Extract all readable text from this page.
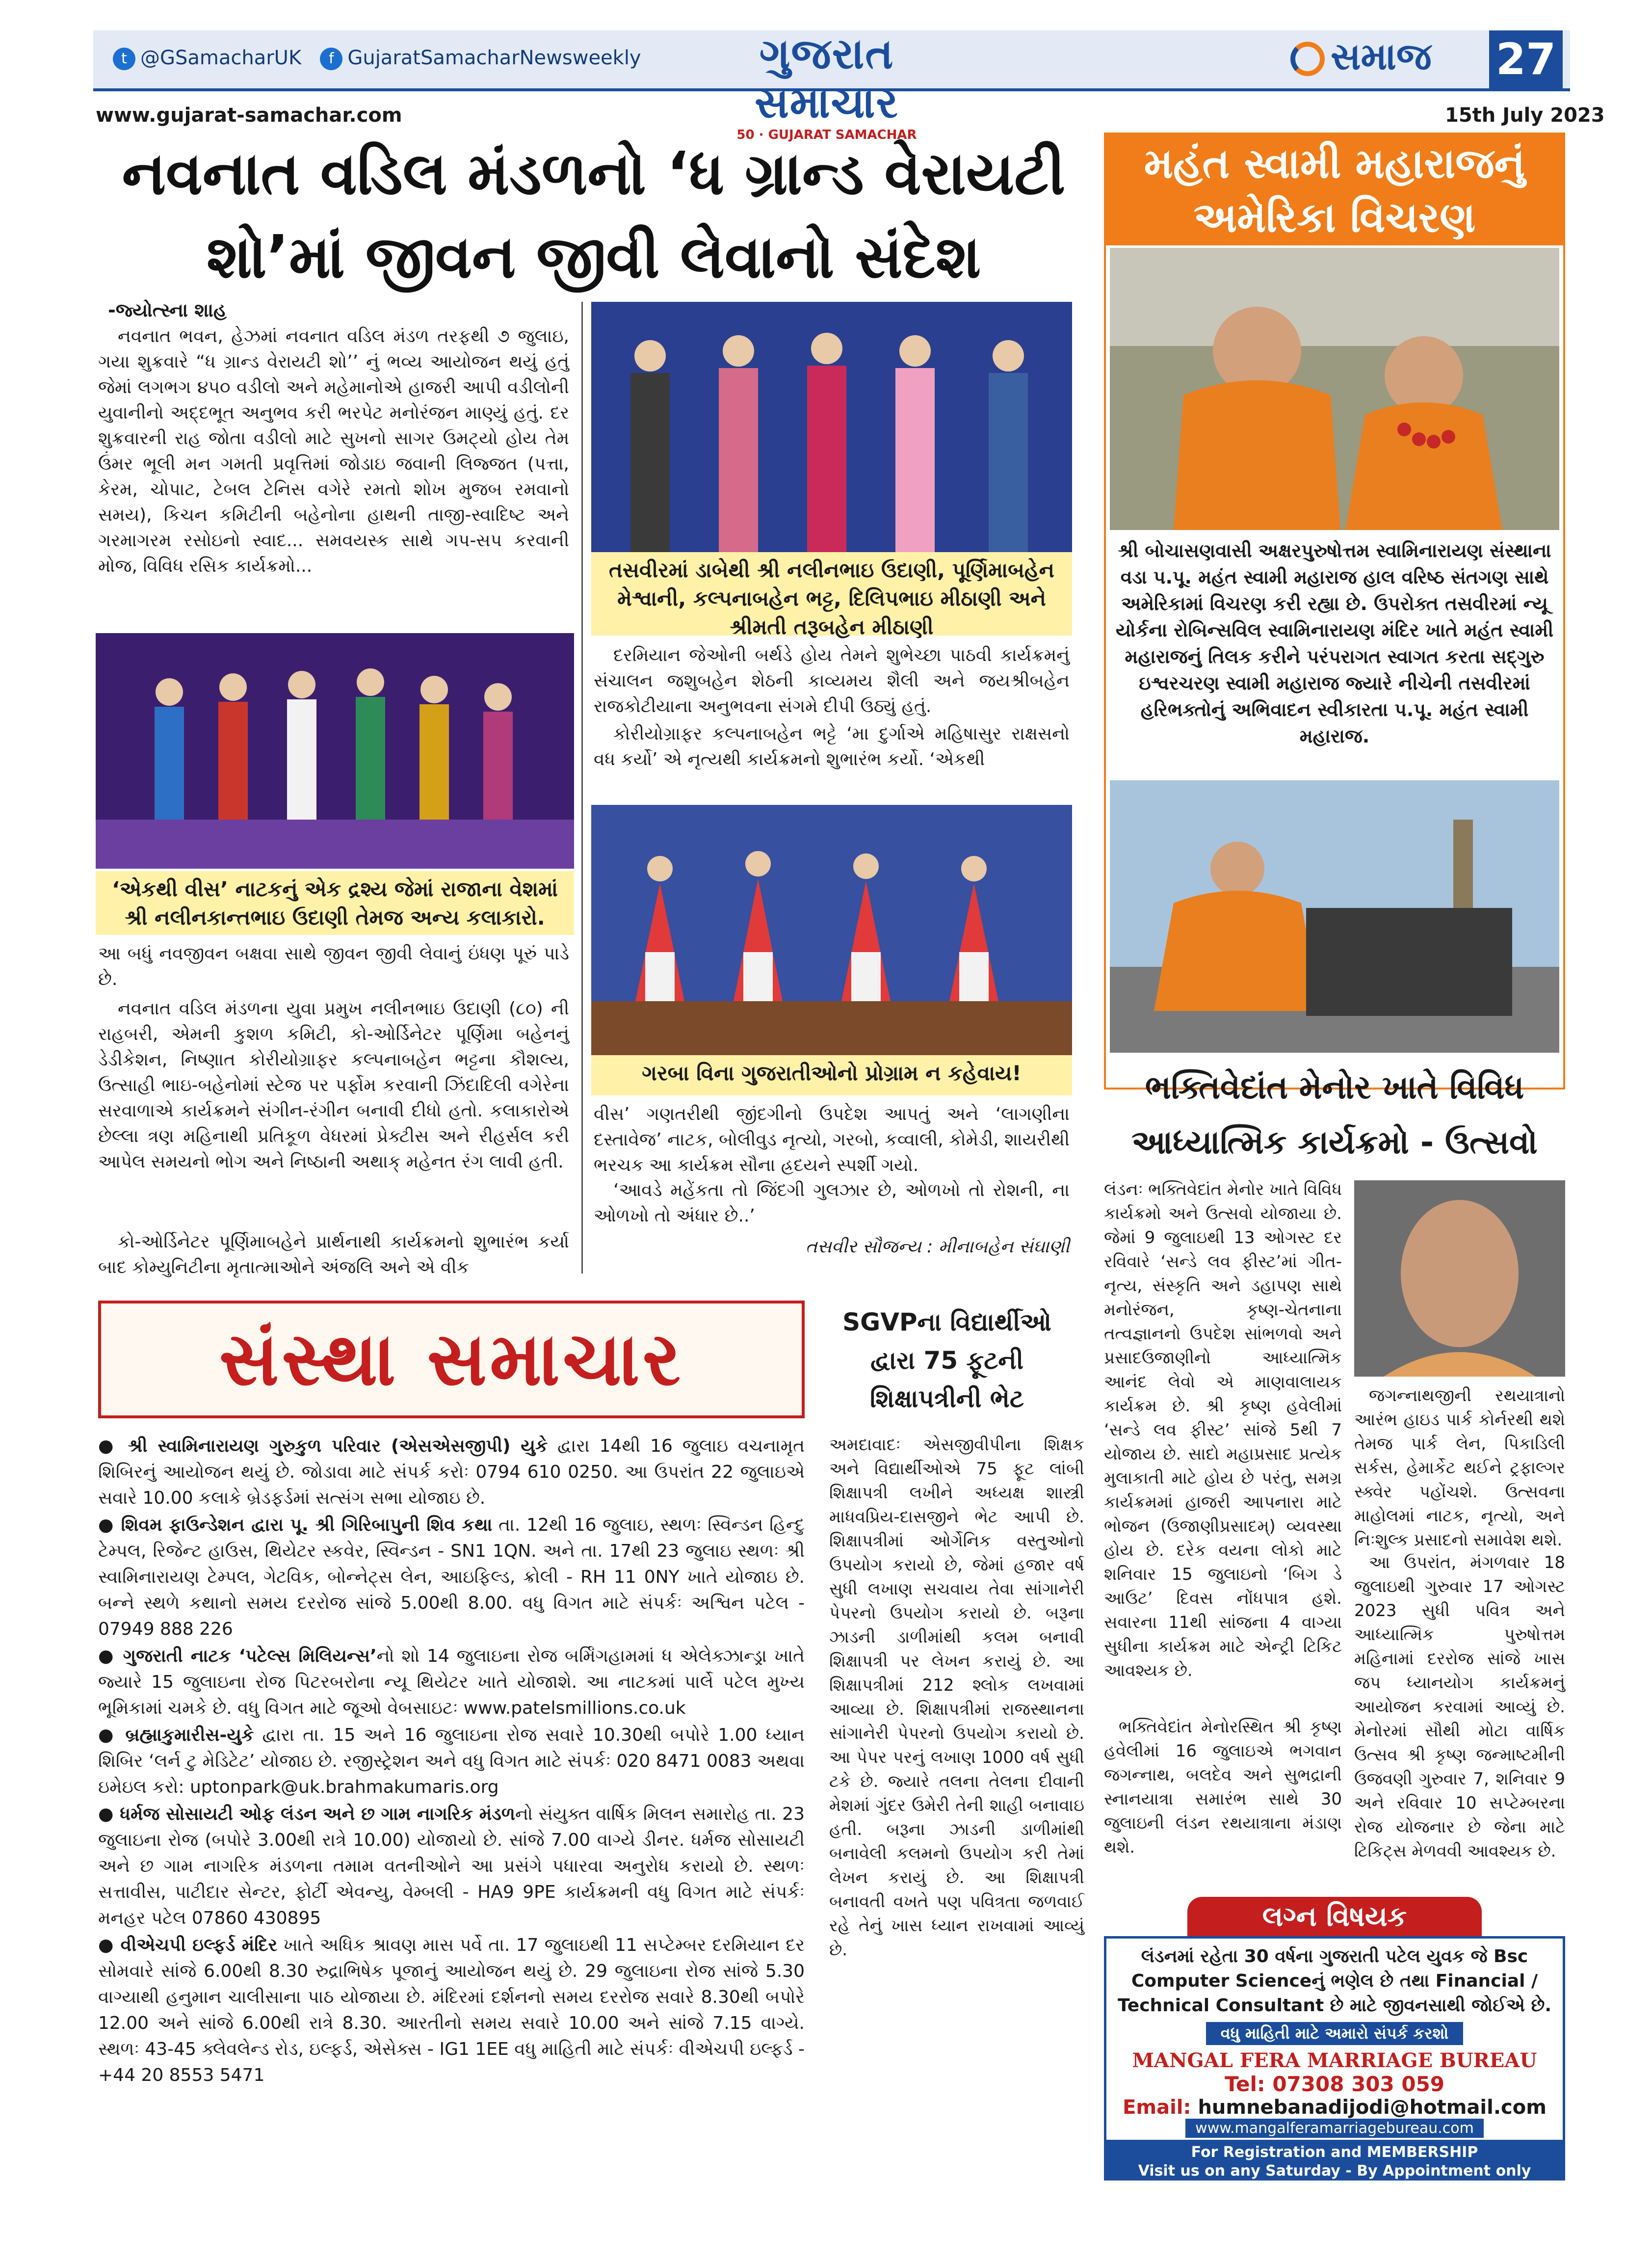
t @GSamacharUK f GujaratSamacharNewsweekly	ગુજરાત સમાચાર
50 · GUJARAT SAMACHAR
સમાજ 27
www.gujarat-samachar.com	15th July 2023
નવનાત વડિલ મંડળનો ‘ધ ગ્રાન્ડ વેરાયટી
શો’માં જીવન જીવી લેવાનો સંદેશ
મહંત સ્વામી મહારાજનું
અમેરિકા વિચરણ
-જ્યોત્સ્ના શાહ
નવનાત ભવન, હેઝમાં નવનાત વડિલ મંડળ તરફથી ૭ જુલાઇ, ગયા શુક્રવારે “ધ ગ્રાન્ડ વેરાયટી શો’’ નું ભવ્ય આયોજન થયું હતું જેમાં લગભગ ૪૫૦ વડીલો અને મહેમાનોએ હાજરી આપી વડીલોની યુવાનીનો અદ્દભૂત અનુભવ કરી ભરપેટ મનોરંજન માણ્યું હતું. દર શુક્રવારની રાહ જોતા વડીલો માટે સુખનો સાગર ઉમટ્યો હોય તેમ ઉંમર ભૂલી મન ગમતી પ્રવૃત્તિમાં જોડાઇ જવાની લિજ્જત (પત્તા, કેરમ, ચોપાટ, ટેબલ ટેનિસ વગેરે રમતો શોખ મુજબ રમવાનો સમય), કિચન કમિટીની બહેનોના હાથની તાજી-સ્વાદિષ્ટ અને ગરમાગરમ રસોઇનો સ્વાદ... સમવયસ્ક સાથે ગપ-સપ કરવાની મોજ, વિવિધ રસિક કાર્યક્રમો...
‘એકથી વીસ’ નાટકનું એક દ્રશ્ય જેમાં રાજાના વેશમાં શ્રી નલીનકાન્તભાઇ ઉદાણી તેમજ અન્ય કલાકારો.
આ બધું નવજીવન બક્ષવા સાથે જીવન જીવી લેવાનું ઇંધણ પૂરું પાડે છે.
નવનાત વડિલ મંડળના યુવા પ્રમુખ નલીનભાઇ ઉદાણી (૮૦) ની રાહબરી, એમની કુશળ કમિટી, કો-ઓર્ડિનેટર પૂર્ણિમા બહેનનું ડેડીકેશન, નિષ્ણાત કોરીયોગ્રાફર કલ્પનાબહેન ભટ્ટના કૌશલ્ય, ઉત્સાહી ભાઇ-બહેનોમાં સ્ટેજ પર પર્ફોમ કરવાની ઝિંદાદિલી વગેરેના સરવાળાએ કાર્યક્રમને સંગીન-રંગીન બનાવી દીધો હતો. કલાકારોએ છેલ્લા ત્રણ મહિનાથી પ્રતિકૂળ વેધરમાં પ્રેક્ટીસ અને રીહર્સલ કરી આપેલ સમયનો ભોગ અને નિષ્ઠાની અથાક્ મહેનત રંગ લાવી હતી.
કો-ઓર્ડિનેટર પૂર્ણિમાબહેને પ્રાર્થનાથી કાર્યક્રમનો શુભારંભ કર્યા બાદ કોમ્યુનિટીના મૃતાત્માઓને અંજલિ અને એ વીક
તસવીરમાં ડાબેથી શ્રી નલીનભાઇ ઉદાણી, પૂર્ણિમાબહેન મેશ્વાની, કલ્પનાબહેન ભટ્ટ, દિલિપભાઇ મીઠાણી અને શ્રીમતી તરૂબહેન મીઠાણી
દરમિયાન જેઓની બર્થડે હોય તેમને શુભેચ્છા પાઠવી કાર્યક્રમનું સંચાલન જશુબહેન શેઠની કાવ્યમય શૈલી અને જયશ્રીબહેન રાજકોટીયાના અનુભવના સંગમે દીપી ઉઠ્યું હતું.
કોરીયોગ્રાફર કલ્પનાબહેન ભટ્ટે ‘મા દુર્ગાએ મહિષાસુર રાક્ષસનો વધ કર્યો’ એ નૃત્યથી કાર્યક્રમનો શુભારંભ કર્યો. ‘એકથી
ગરબા વિના ગુજરાતીઓનો પ્રોગ્રામ ન કહેવાય!
વીસ’ ગણતરીથી જીંદગીનો ઉપદેશ આપતું અને ‘લાગણીના દસ્તાવેજ’ નાટક, બોલીવુડ નૃત્યો, ગરબો, કવ્વાલી, કોમેડી, શાયરીથી ભરચક આ કાર્યક્રમ સૌના હ્રદયને સ્પર્શી ગયો.
‘આવડે મહેંકતા તો જિંદગી ગુલઝાર છે, ઓળખો તો રોશની, ના ઓળખો તો અંધાર છે..’
તસવીર સૌજન્ય : મીનાબહેન સંઘાણી
શ્રી બોચાસણવાસી અક્ષરપુરુષોત્તમ સ્વામિનારાયણ સંસ્થાના વડા પ.પૂ. મહંત સ્વામી મહારાજ હાલ વરિષ્ઠ સંતગણ સાથે અમેરિકામાં વિચરણ કરી રહ્યા છે. ઉપરોક્ત તસવીરમાં ન્યૂ યોર્કના રોબિન્સવિલ સ્વામિનારાયણ મંદિર ખાતે મહંત સ્વામી મહારાજનું તિલક કરીને પરંપરાગત સ્વાગત કરતા સદ્ગુરુ ઇશ્વરચરણ સ્વામી મહારાજ જ્યારે નીચેની તસવીરમાં હરિભક્તોનું અભિવાદન સ્વીકારતા પ.પૂ. મહંત સ્વામી મહારાજ.
ભક્તિવેદાંત મેનોર ખાતે વિવિધ
આધ્યાત્મિક કાર્યક્રમો - ઉત્સવો
લંડનઃ ભક્તિવેદાંત મેનોર ખાતે વિવિધ કાર્યક્રમો અને ઉત્સવો યોજાયા છે. જેમાં 9 જુલાઇથી 13 ઓગસ્ટ દર રવિવારે ‘સન્ડે લવ ફીસ્ટ’માં ગીત-નૃત્ય, સંસ્કૃતિ અને ડહાપણ સાથે મનોરંજન, કૃષ્ણ-ચેતનાના તત્વજ્ઞાનનો ઉપદેશ સાંભળવો અને પ્રસાદઉજાણીનો આધ્યાત્મિક આનંદ લેવો એ માણવાલાયક કાર્યક્રમ છે. શ્રી કૃષ્ણ હવેલીમાં ‘સન્ડે લવ ફીસ્ટ’ સાંજે 5થી 7 યોજાય છે. સાદો મહાપ્રસાદ પ્રત્યેક મુલાકાતી માટે હોય છે પરંતુ, સમગ્ર કાર્યક્રમમાં હાજરી આપનારા માટે ભોજન (ઉજાણીપ્રસાદમ્) વ્યવસ્થા હોય છે. દરેક વયના લોકો માટે શનિવાર 15 જુલાઇનો ‘બિગ ડે આઉટ’ દિવસ નોંધપાત્ર હશે. સવારના 11થી સાંજના 4 વાગ્યા સુધીના કાર્યક્રમ માટે એન્ટ્રી ટિકિટ આવશ્યક છે.
ભક્તિવેદાંત મેનોરસ્થિત શ્રી કૃષ્ણ હવેલીમાં 16 જુલાઇએ ભગવાન જગન્નાથ, બલદેવ અને સુભદ્રાની સ્નાનયાત્રા સમારંભ સાથે 30 જુલાઇની લંડન રથયાત્રાના મંડાણ થશે.
જગન્નાથજીની રથયાત્રાનો આરંભ હાઇડ પાર્ક કોર્નરથી થશે તેમજ પાર્ક લેન, પિકાડિલી સર્કસ, હેમાર્કેટ થઈને ટ્રફાલ્ગર સ્ક્વેર પહોંચશે. ઉત્સવના માહોલમાં નાટક, નૃત્યો, અને નિઃશુલ્ક પ્રસાદનો સમાવેશ થશે.
આ ઉપરાંત, મંગળવાર 18 જુલાઇથી ગુરુવાર 17 ઓગસ્ટ 2023 સુધી પવિત્ર અને આધ્યાત્મિક પુરુષોત્તમ મહિનામાં દરરોજ સાંજે ખાસ જપ ધ્યાનયોગ કાર્યક્રમનું આયોજન કરવામાં આવ્યું છે. મેનોરમાં સૌથી મોટા વાર્ષિક ઉત્સવ શ્રી કૃષ્ણ જન્માષ્ટમીની ઉજવણી ગુરુવાર 7, શનિવાર 9 અને રવિવાર 10 સપ્ટેમ્બરના રોજ યોજનાર છે જેના માટે ટિકિટ્સ મેળવવી આવશ્યક છે.
સંસ્થા સમાચાર

● શ્રી સ્વામિનારાયણ ગુરુકુળ પરિવાર (એસએસજીપી) યુકે દ્વારા 14થી 16 જુલાઇ વચનામૃત શિબિરનું આયોજન થયું છે. જોડાવા માટે સંપર્ક કરોઃ 0794 610 0250. આ ઉપરાંત 22 જુલાઇએ સવારે 10.00 કલાકે બ્રેડફર્ડમાં સત્સંગ સભા યોજાઇ છે.

● શિવમ ફાઉન્ડેશન દ્વારા પૂ. શ્રી ગિરિબાપુની શિવ કથા તા. 12થી 16 જુલાઇ, સ્થળઃ સ્વિન્ડન હિન્દુ ટેમ્પલ, રિજેન્ટ હાઉસ, થિયેટર સ્કવેર, સ્વિન્ડન - SN1 1QN. અને તા. 17થી 23 જુલાઇ સ્થળઃ શ્રી સ્વામિનારાયણ ટેમ્પલ, ગેટવિક, બોન્નેટ્સ લેન, આઇફિલ્ડ, ક્રોલી - RH 11 0NY ખાતે યોજાઇ છે. બન્ને સ્થળે કથાનો સમય દરરોજ સાંજે 5.00થી 8.00. વધુ વિગત માટે સંપર્કઃ અશ્વિન પટેલ - 07949 888 226

● ગુજરાતી નાટક ‘પટેલ્સ મિલિયન્સ’નો શો 14 જુલાઇના રોજ બર્મિંગહામમાં ધ એલેક્ઝાન્ડ્રા ખાતે જ્યારે 15 જુલાઇના રોજ પિટરબરોના ન્યૂ થિયેટર ખાતે યોજાશે. આ નાટકમાં પાર્લે પટેલ મુખ્ય ભૂમિકામાં ચમકે છે. વધુ વિગત માટે જૂઓ વેબસાઇટઃ www.patelsmillions.co.uk

● બ્રહ્માકુમારીસ-યુકે દ્વારા તા. 15 અને 16 જુલાઇના રોજ સવારે 10.30થી બપોરે 1.00 ધ્યાન શિબિર ‘લર્ન ટુ મેડિટેટ’ યોજાઇ છે. રજીસ્ટ્રેશન અને વધુ વિગત માટે સંપર્કઃ 020 8471 0083 અથવા ઇમેઇલ કરો: uptonpark@uk.brahmakumaris.org

● ધર્મજ સોસાયટી ઓફ લંડન અને છ ગામ નાગરિક મંડળનો સંયુક્ત વાર્ષિક મિલન સમારોહ તા. 23 જુલાઇના રોજ (બપોરે 3.00થી રાત્રે 10.00) યોજાયો છે. સાંજે 7.00 વાગ્યે ડીનર. ધર્મજ સોસાયટી અને છ ગામ નાગરિક મંડળના તમામ વતનીઓને આ પ્રસંગે પધારવા અનુરોધ કરાયો છે. સ્થળઃ સત્તાવીસ, પાટીદાર સેન્ટર, ફોર્ટી એવન્યુ, વેમ્બલી - HA9 9PE કાર્યક્રમની વધુ વિગત માટે સંપર્કઃ મનહર પટેલ 07860 430895

● વીએચપી ઇલ્ફર્ડ મંદિર ખાતે અધિક શ્રાવણ માસ પર્વે તા. 17 જુલાઇથી 11 સપ્ટેમ્બર દરમિયાન દર સોમવારે સાંજે 6.00થી 8.30 રુદ્રાભિષેક પૂજાનું આયોજન થયું છે. 29 જુલાઇના રોજ સાંજે 5.30 વાગ્યાથી હનુમાન ચાલીસાના પાઠ યોજાયા છે. મંદિરમાં દર્શનનો સમય દરરોજ સવારે 8.30થી બપોરે 12.00 અને સાંજે 6.00થી રાત્રે 8.30. આરતીનો સમય સવારે 10.00 અને સાંજે 7.15 વાગ્યે. સ્થળઃ 43-45 ક્લેવલેન્ડ રોડ, ઇલ્ફર્ડ, એસેક્સ - IG1 1EE વધુ માહિતી માટે સંપર્કઃ વીએચપી ઇલ્ફર્ડ - +44 20 8553 5471

SGVPના વિદ્યાર્થીઓ
દ્વારા 75 ફૂટની
શિક્ષાપત્રીની ભેટ
અમદાવાદઃ એસજીવીપીના શિક્ષક અને વિદ્યાર્થીઓએ 75 ફૂટ લાંબી શિક્ષાપત્રી લખીને અધ્યક્ષ શાસ્ત્રી માધવપ્રિય-દાસજીને ભેટ આપી છે. શિક્ષાપત્રીમાં ઓર્ગેનિક વસ્તુઓનો ઉપયોગ કરાયો છે, જેમાં હજાર વર્ષ સુધી લખાણ સચવાય તેવા સાંગાનેરી પેપરનો ઉપયોગ કરાયો છે. બરૂના ઝાડની ડાળીમાંથી કલમ બનાવી શિક્ષાપત્રી પર લેખન કરાયું છે. આ શિક્ષાપત્રીમાં 212 શ્લોક લખવામાં આવ્યા છે. શિક્ષાપત્રીમાં રાજસ્થાનના સાંગાનેરી પેપરનો ઉપયોગ કરાયો છે. આ પેપર પરનું લખાણ 1000 વર્ષ સુધી ટકે છે. જ્યારે તલના તેલના દીવાની મેશમાં ગુંદર ઉમેરી તેની શાહી બનાવાઇ હતી. બરૂના ઝાડની ડાળીમાંથી બનાવેલી કલમનો ઉપયોગ કરી તેમાં લેખન કરાયું છે. આ શિક્ષાપત્રી બનાવતી વખતે પણ પવિત્રતા જળવાઈ રહે તેનું ખાસ ધ્યાન રાખવામાં આવ્યું છે.
લગ્ન વિષયક
લંડનમાં રહેતા 30 વર્ષના ગુજરાતી પટેલ યુવક જે Bsc Computer Scienceનું ભણેલ છે તથા Financial / Technical Consultant છે માટે જીવનસાથી જોઈએ છે.
વધુ માહિતી માટે અમારો સંપર્ક કરશો
MANGAL FERA MARRIAGE BUREAU
Tel: 07308 303 059
Email: humnebanadijodi@hotmail.com
www.mangalferamarriagebureau.com
For Registration and MEMBERSHIP
Visit us on any Saturday - By Appointment only
